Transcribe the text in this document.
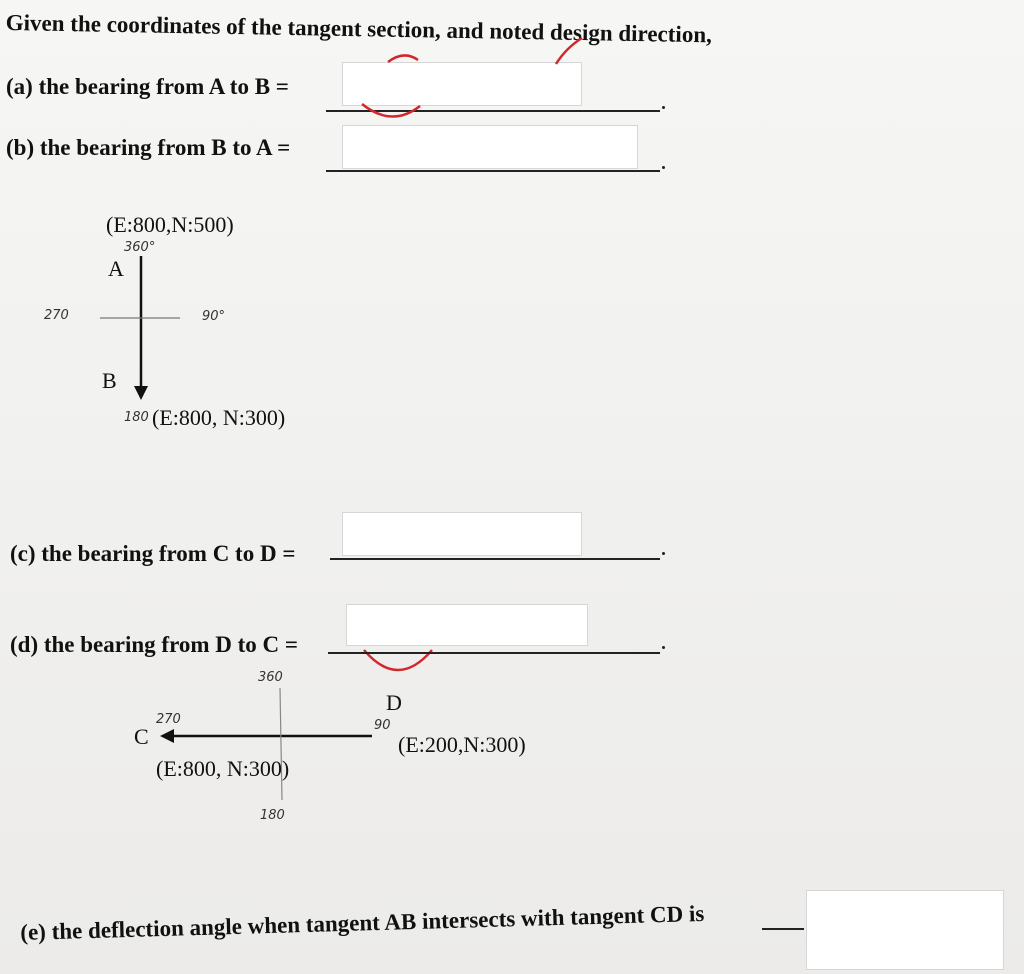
Given the coordinates of the tangent section, and noted design direction,
(a) the bearing from A to B =
(b) the bearing from B to A =
(E:800,N:500)
360°
A
270	90°
B
180 (E:800, N:300)
(c) the bearing from C to D =
(d) the bearing from D to C =
360
D
270
C	90
(E:200,N:300)
(E:800, N:300)
180
(e) the deflection angle when tangent AB intersects with tangent CD is
